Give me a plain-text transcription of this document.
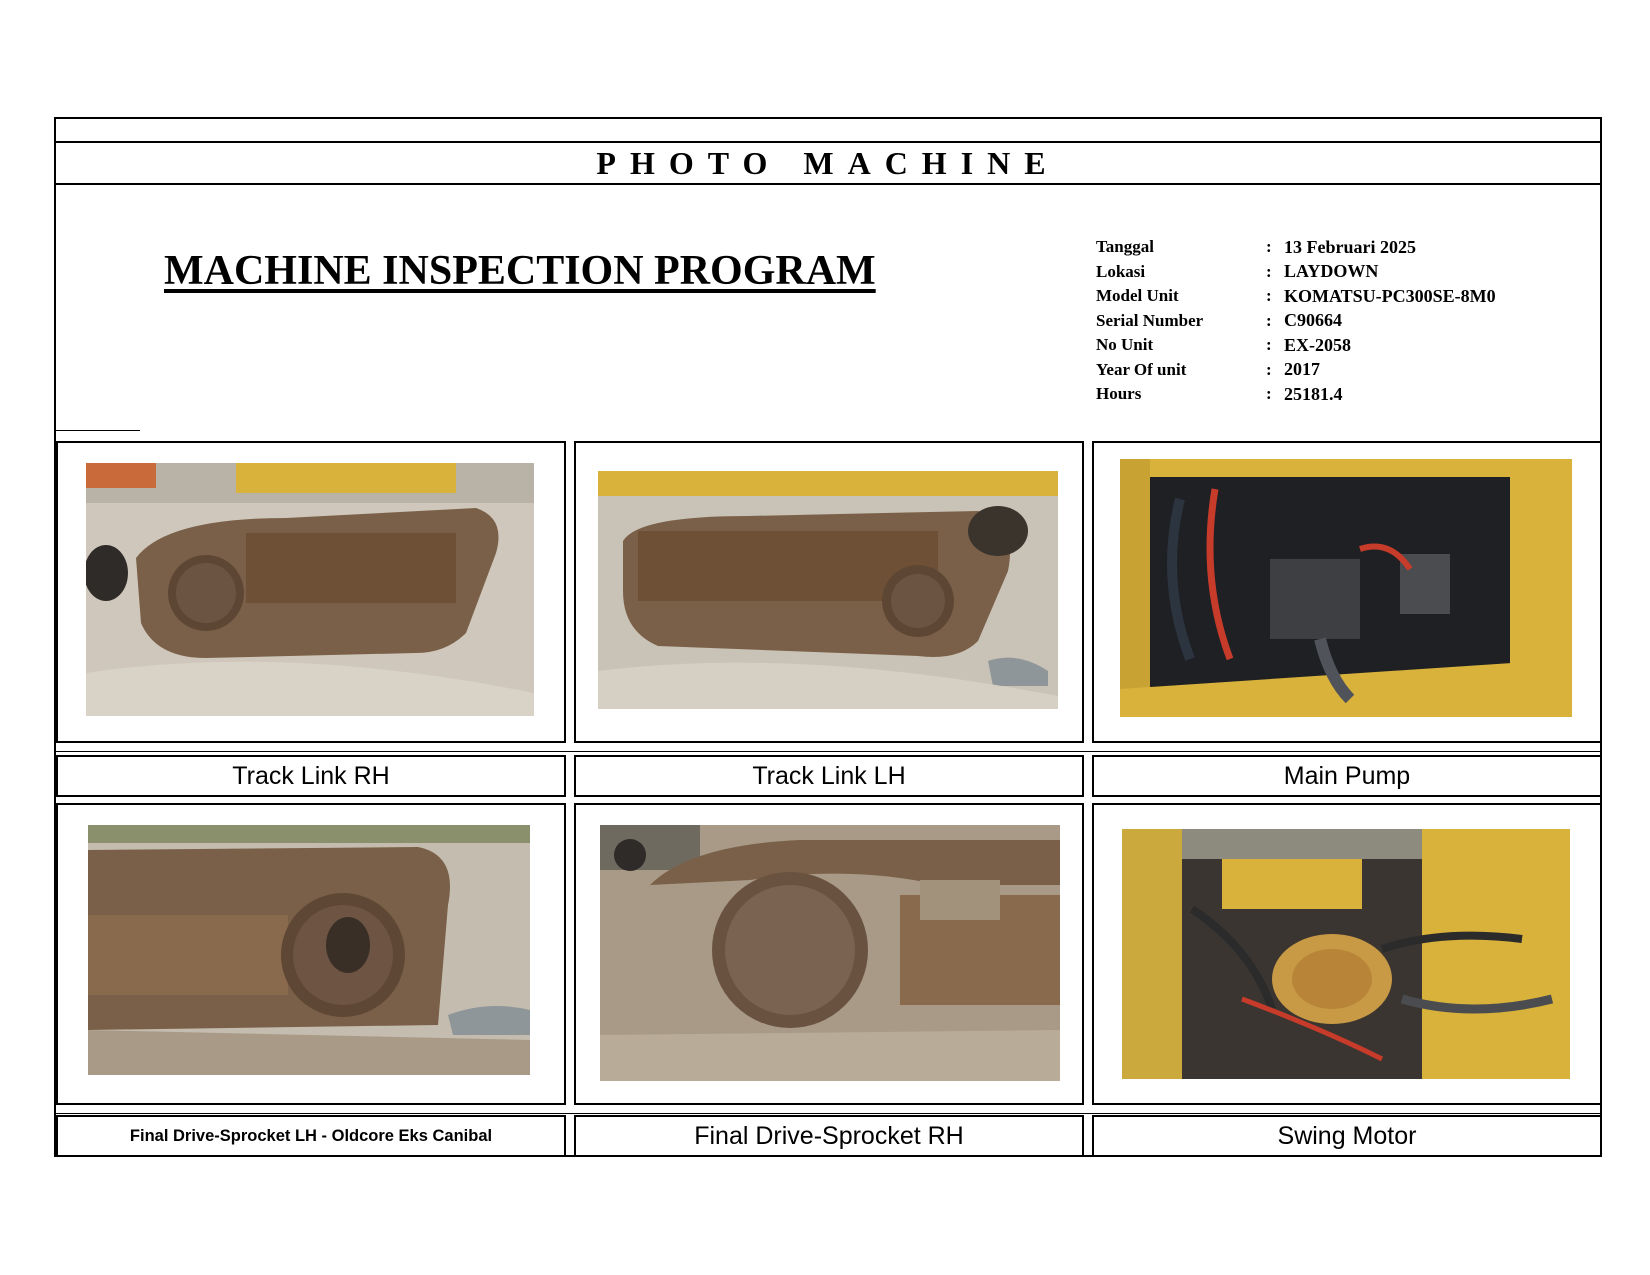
PHOTO MACHINE
MACHINE INSPECTION PROGRAM
Tanggal	: 13 Februari 2025
Lokasi	: LAYDOWN
Model Unit	: KOMATSU-PC300SE-8M0
Serial Number	: C90664
No Unit	: EX-2058
Year Of unit	: 2017
Hours	: 25181.4
Track Link RH	Track Link LH	Main Pump
Final Drive-Sprocket LH - Oldcore Eks Canibal	Final Drive-Sprocket RH	Swing Motor
